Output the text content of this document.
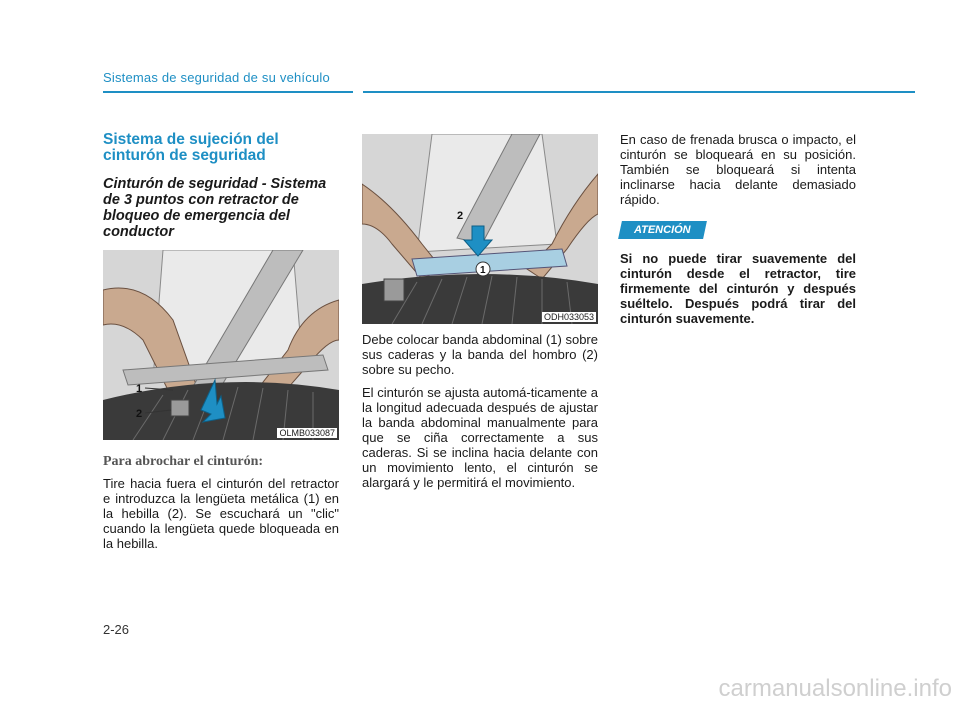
Sistemas de seguridad de su vehículo
Sistema de sujeción del cinturón de seguridad
Cinturón de seguridad - Sistema de 3 puntos con retractor de bloqueo de emergencia del conductor
1
2
OLMB033087
Para abrochar el cinturón:

Tire hacia fuera el cinturón del retractor e introduzca la lengüeta metálica (1) en la hebilla (2). Se escuchará un "clic" cuando la lengüeta quede bloqueada en la hebilla.

2
1
ODH033053

Debe colocar banda abdominal (1) sobre sus caderas y la banda del hombro (2) sobre su pecho.

El cinturón se ajusta automá-ticamente a la longitud adecuada después de ajustar la banda abdominal manualmente para que se ciña correctamente a sus caderas. Si se inclina hacia delante con un movimiento lento, el cinturón se alargará y le permitirá el movimiento.

En caso de frenada brusca o impacto, el cinturón se bloqueará en su posición. También se bloqueará si intenta inclinarse hacia delante demasiado rápido.

ATENCIÓN

Si no puede tirar suavemente del cinturón desde el retractor, tire firmemente del cinturón y después suéltelo. Después podrá tirar del cinturón suavemente.

2-26
carmanualsonline.info
